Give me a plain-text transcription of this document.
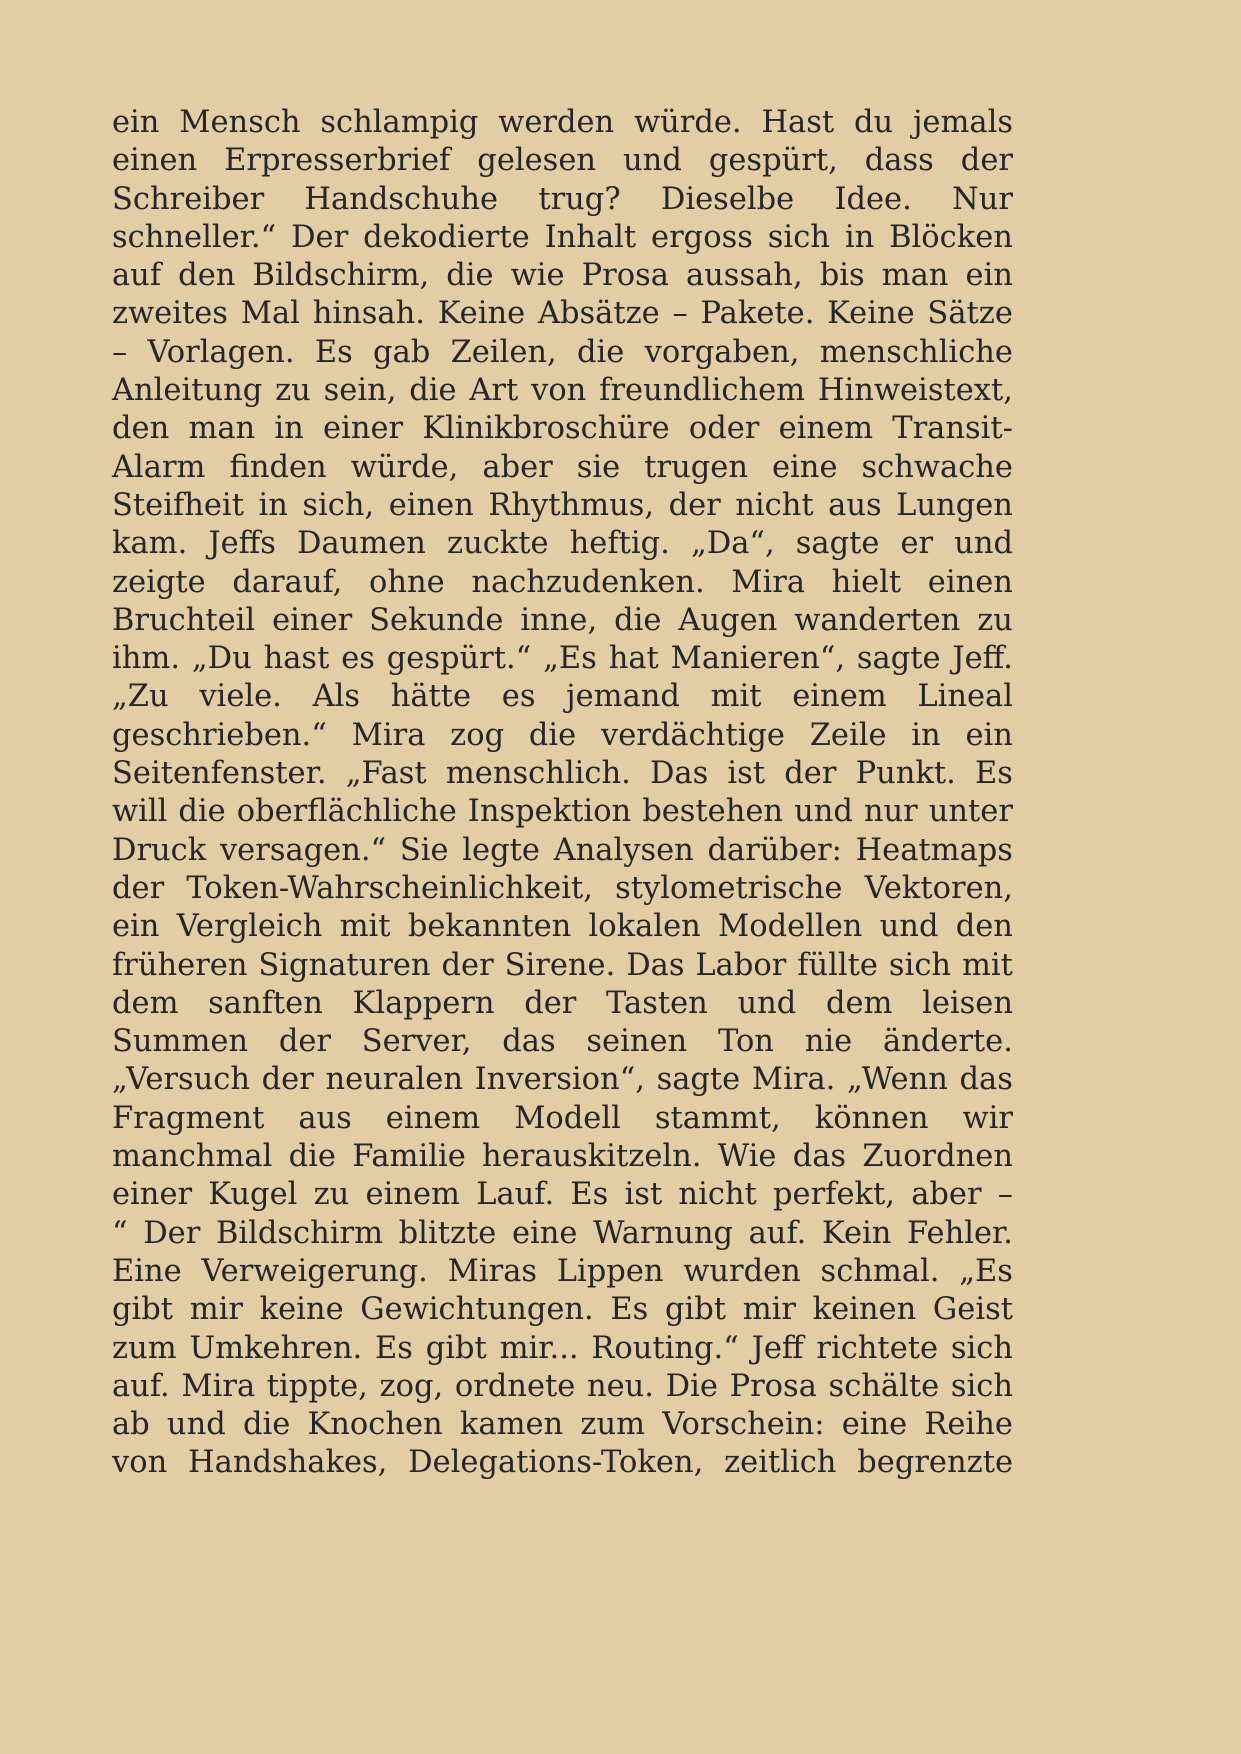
ein Mensch schlampig werden würde. Hast du jemals
einen Erpresserbrief gelesen und gespürt, dass der
Schreiber Handschuhe trug? Dieselbe Idee. Nur
schneller.“ Der dekodierte Inhalt ergoss sich in Blöcken
auf den Bildschirm, die wie Prosa aussah, bis man ein
zweites Mal hinsah. Keine Absätze – Pakete. Keine Sätze
– Vorlagen. Es gab Zeilen, die vorgaben, menschliche
Anleitung zu sein, die Art von freundlichem Hinweistext,
den man in einer Klinikbroschüre oder einem Transit-
Alarm finden würde, aber sie trugen eine schwache
Steifheit in sich, einen Rhythmus, der nicht aus Lungen
kam. Jeffs Daumen zuckte heftig. „Da“, sagte er und
zeigte darauf, ohne nachzudenken. Mira hielt einen
Bruchteil einer Sekunde inne, die Augen wanderten zu
ihm. „Du hast es gespürt.“ „Es hat Manieren“, sagte Jeff.
„Zu viele. Als hätte es jemand mit einem Lineal
geschrieben.“ Mira zog die verdächtige Zeile in ein
Seitenfenster. „Fast menschlich. Das ist der Punkt. Es
will die oberflächliche Inspektion bestehen und nur unter
Druck versagen.“ Sie legte Analysen darüber: Heatmaps
der Token-Wahrscheinlichkeit, stylometrische Vektoren,
ein Vergleich mit bekannten lokalen Modellen und den
früheren Signaturen der Sirene. Das Labor füllte sich mit
dem sanften Klappern der Tasten und dem leisen
Summen der Server, das seinen Ton nie änderte.
„Versuch der neuralen Inversion“, sagte Mira. „Wenn das
Fragment aus einem Modell stammt, können wir
manchmal die Familie herauskitzeln. Wie das Zuordnen
einer Kugel zu einem Lauf. Es ist nicht perfekt, aber –
“ Der Bildschirm blitzte eine Warnung auf. Kein Fehler.
Eine Verweigerung. Miras Lippen wurden schmal. „Es
gibt mir keine Gewichtungen. Es gibt mir keinen Geist
zum Umkehren. Es gibt mir... Routing.“ Jeff richtete sich
auf. Mira tippte, zog, ordnete neu. Die Prosa schälte sich
ab und die Knochen kamen zum Vorschein: eine Reihe
von Handshakes, Delegations-Token, zeitlich begrenzte
